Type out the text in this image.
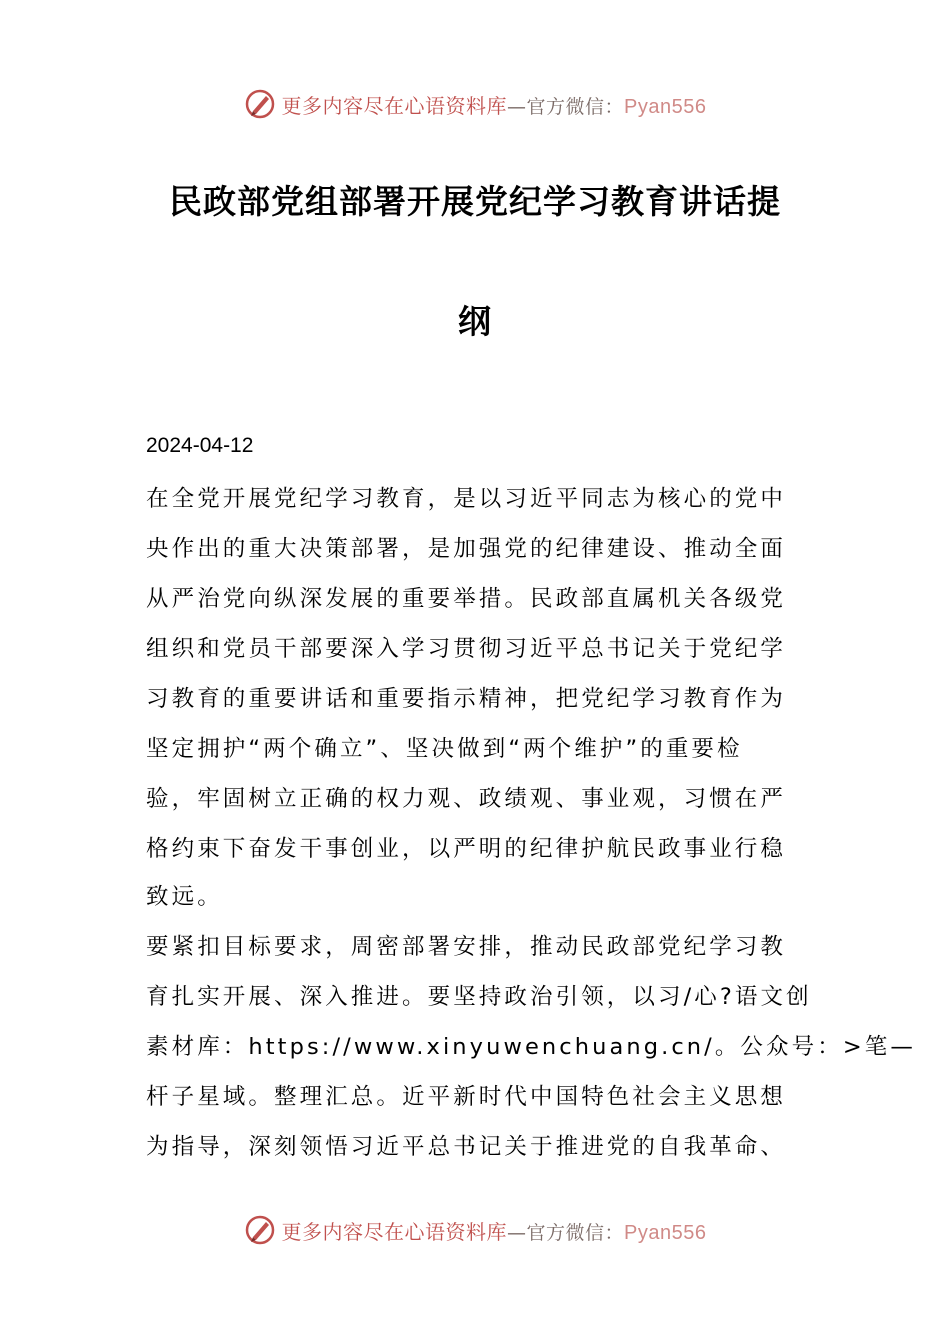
更多内容尽在心语资料库—官方微信：Pyan556
民政部党组部署开展党纪学习教育讲话提
纲
2024-04-12
在全党开展党纪学习教育，是以习近平同志为核心的党中
央作出的重大决策部署，是加强党的纪律建设、推动全面
从严治党向纵深发展的重要举措。民政部直属机关各级党
组织和党员干部要深入学习贯彻习近平总书记关于党纪学
习教育的重要讲话和重要指示精神，把党纪学习教育作为
坚定拥护“两个确立”、坚决做到“两个维护”的重要检
验，牢固树立正确的权力观、政绩观、事业观，习惯在严
格约束下奋发干事创业，以严明的纪律护航民政事业行稳
致远。
要紧扣目标要求，周密部署安排，推动民政部党纪学习教
育扎实开展、深入推进。要坚持政治引领，以习/心?语文创
素材库：https://www.xinyuwenchuang.cn/。公众号：>笔—
杆子星域。整理汇总。近平新时代中国特色社会主义思想
为指导，深刻领悟习近平总书记关于推进党的自我革命、
更多内容尽在心语资料库—官方微信：Pyan556
